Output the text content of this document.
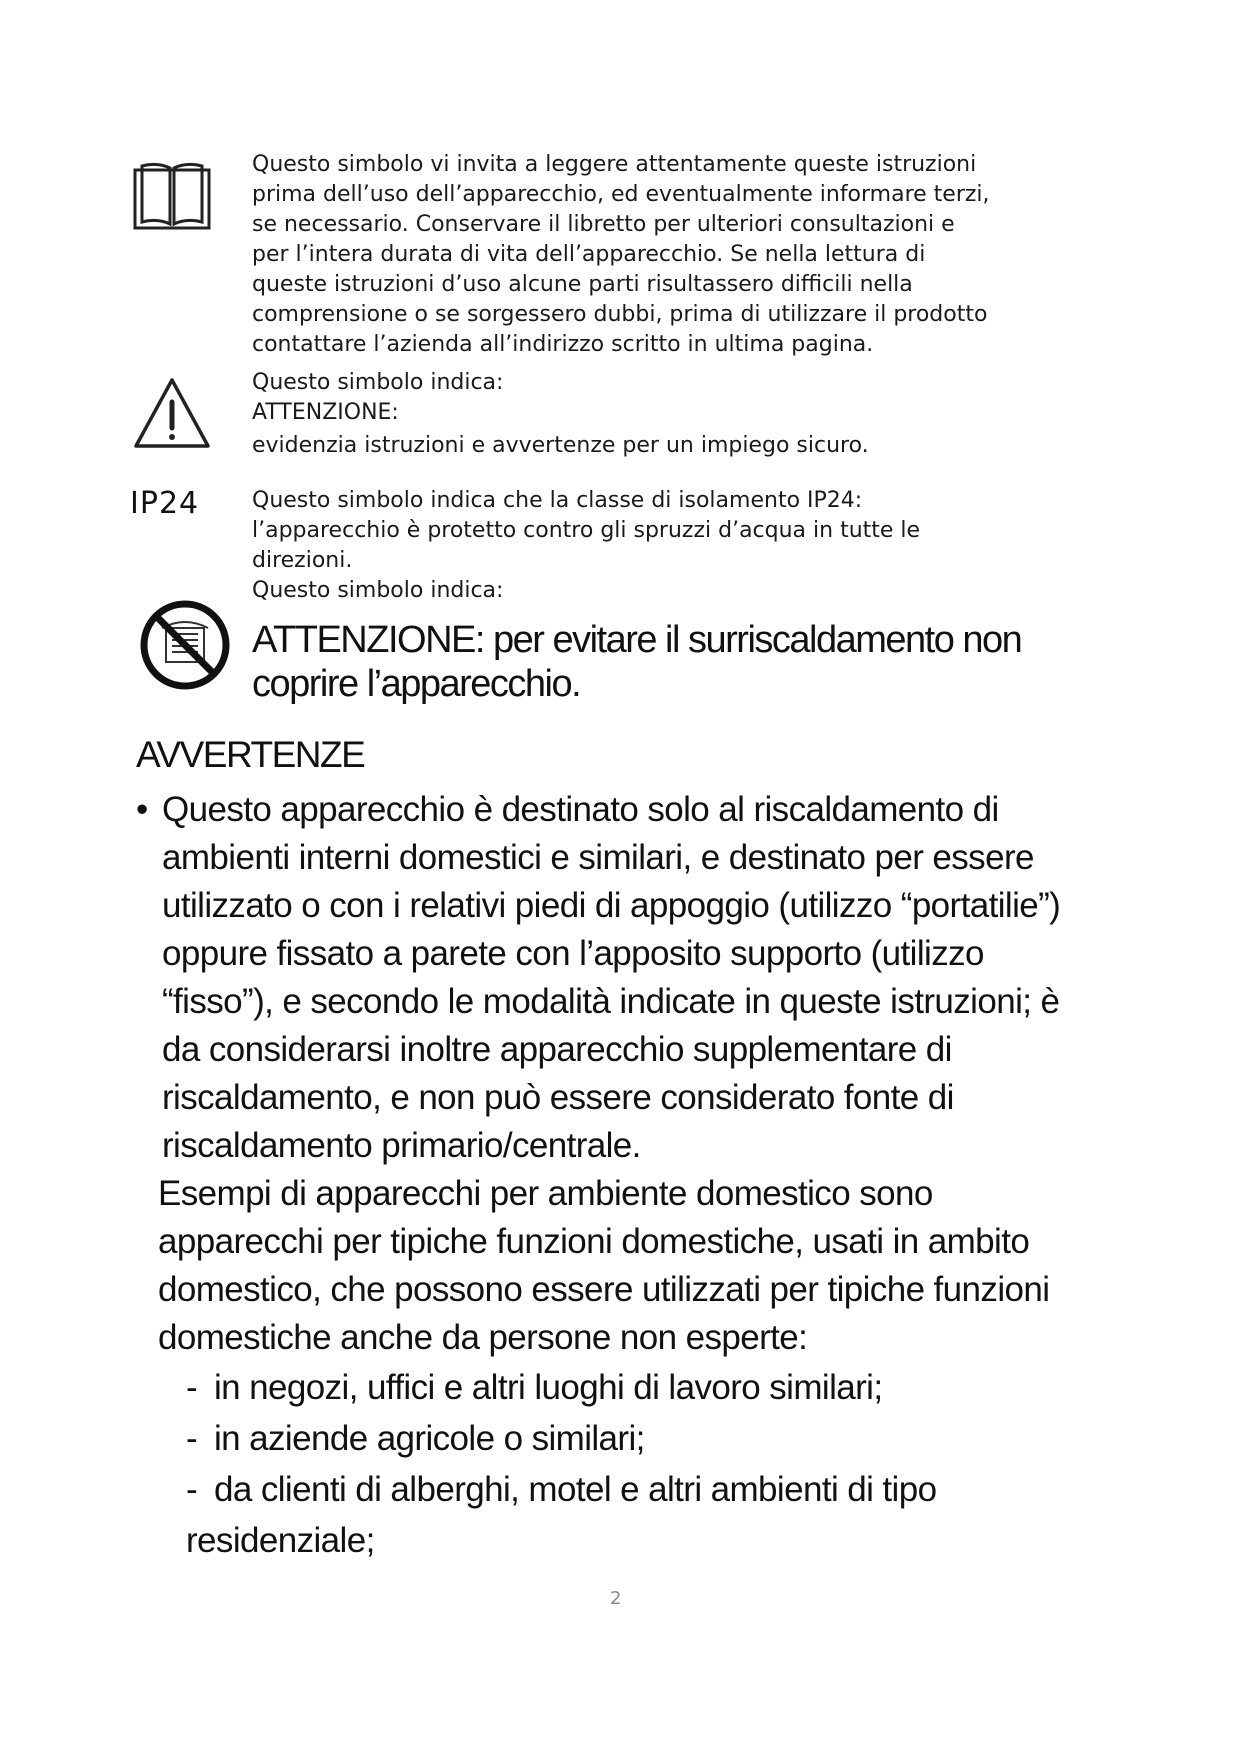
Questo simbolo vi invita a leggere attentamente queste istruzioni

prima dell’uso dell’apparecchio, ed eventualmente informare terzi,

se necessario. Conservare il libretto per ulteriori consultazioni e

per l’intera durata di vita dell’apparecchio. Se nella lettura di

queste istruzioni d’uso alcune parti risultassero difficili nella

comprensione o se sorgessero dubbi, prima di utilizzare il prodotto

contattare l’azienda all’indirizzo scritto in ultima pagina.

Questo simbolo indica:

ATTENZIONE:

evidenzia istruzioni e avvertenze per un impiego sicuro.

IP24 Questo simbolo indica che la classe di isolamento IP24:

l’apparecchio è protetto contro gli spruzzi d’acqua in tutte le

direzioni.

Questo simbolo indica:

ATTENZIONE: per evitare il surriscaldamento non

coprire l’apparecchio.

AVVERTENZE
• Questo apparecchio è destinato solo al riscaldamento di

ambienti interni domestici e similari, e destinato per essere

utilizzato o con i relativi piedi di appoggio (utilizzo “portatilie”)

oppure fissato a parete con l’apposito supporto (utilizzo

“fisso”), e secondo le modalità indicate in queste istruzioni; è

da considerarsi inoltre apparecchio supplementare di

riscaldamento, e non può essere considerato fonte di

riscaldamento primario/centrale.

Esempi di apparecchi per ambiente domestico sono

apparecchi per tipiche funzioni domestiche, usati in ambito

domestico, che possono essere utilizzati per tipiche funzioni

domestiche anche da persone non esperte:

- in negozi, uffici e altri luoghi di lavoro similari;
- in aziende agricole o similari;
- da clienti di alberghi, motel e altri ambienti di tipo
residenziale;
2
